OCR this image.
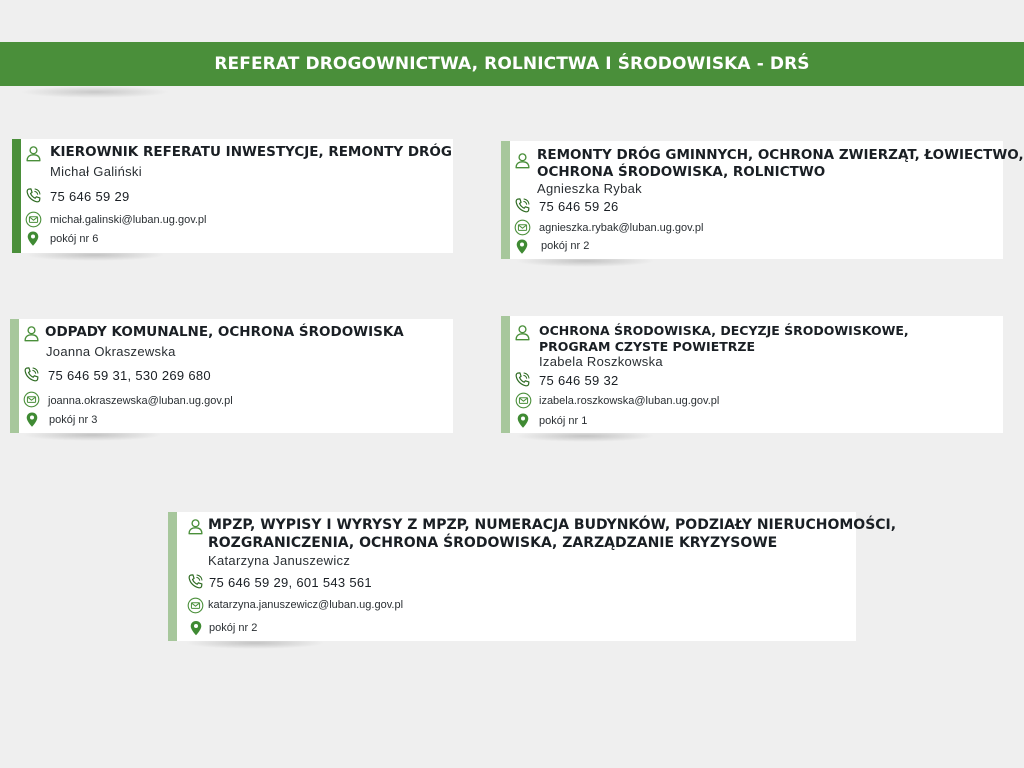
REFERAT DROGOWNICTWA, ROLNICTWA I ŚRODOWISKA - DRŚ
KIEROWNIK REFERATU INWESTYCJE, REMONTY DRÓG
Michał Galiński
75 646 59 29
michał.galinski@luban.ug.gov.pl
pokój nr 6
REMONTY DRÓG GMINNYCH, OCHRONA ZWIERZĄT, ŁOWIECTWO,
OCHRONA ŚRODOWISKA, ROLNICTWO
Agnieszka Rybak
75 646 59 26
agnieszka.rybak@luban.ug.gov.pl
pokój nr 2
ODPADY KOMUNALNE, OCHRONA ŚRODOWISKA
Joanna Okraszewska
75 646 59 31, 530 269 680
joanna.okraszewska@luban.ug.gov.pl
pokój nr 3
OCHRONA ŚRODOWISKA, DECYZJE ŚRODOWISKOWE,
PROGRAM CZYSTE POWIETRZE
Izabela Roszkowska
75 646 59 32
izabela.roszkowska@luban.ug.gov.pl
pokój nr 1
MPZP, WYPISY I WYRYSY Z MPZP, NUMERACJA BUDYNKÓW, PODZIAŁY NIERUCHOMOŚCI,
ROZGRANICZENIA, OCHRONA ŚRODOWISKA, ZARZĄDZANIE KRYZYSOWE
Katarzyna Januszewicz
75 646 59 29, 601 543 561
katarzyna.januszewicz@luban.ug.gov.pl
pokój nr 2
